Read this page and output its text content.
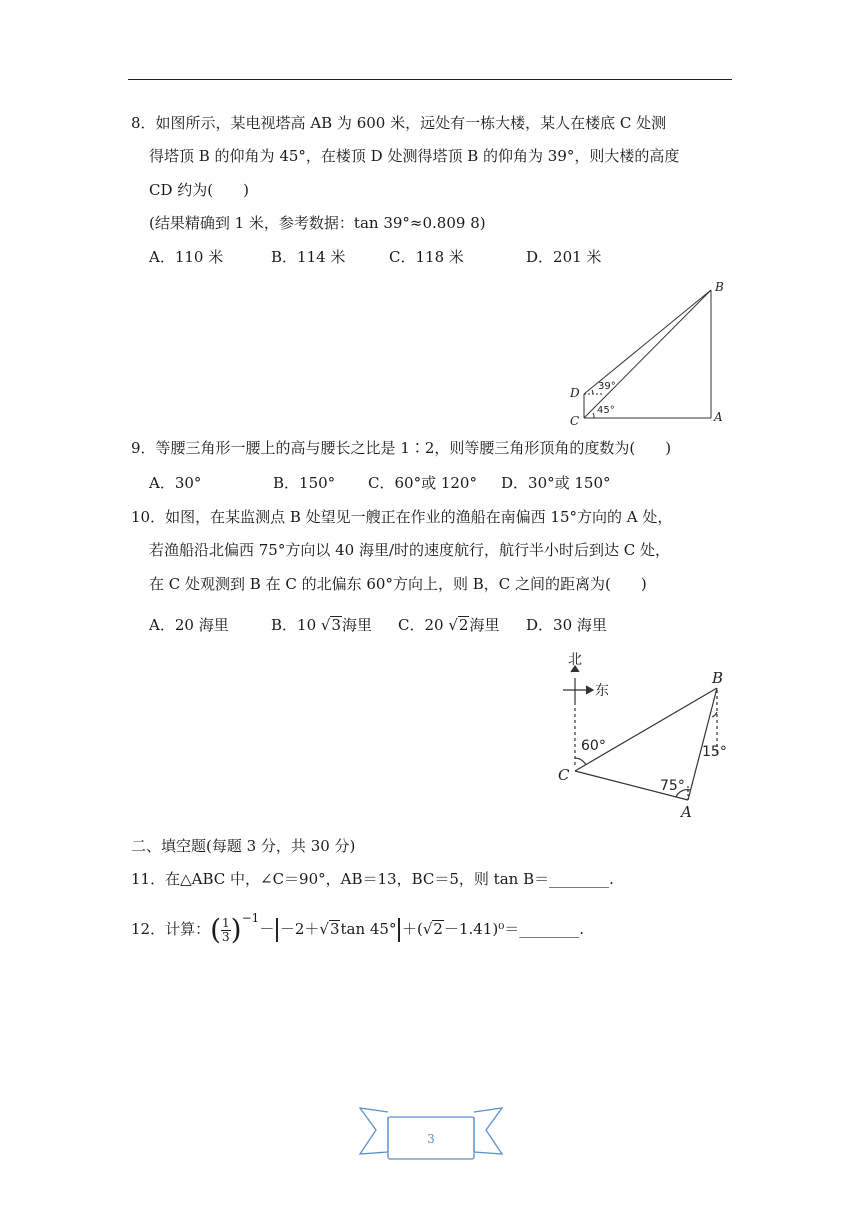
8．如图所示，某电视塔高 AB 为 600 米，远处有一栋大楼，某人在楼底 C 处测
得塔顶 B 的仰角为 45°，在楼顶 D 处测得塔顶 B 的仰角为 39°，则大楼的高度
CD 约为(　　)
(结果精确到 1 米，参考数据：tan 39°≈0.809 8)
A．110 米	B．114 米	C．118 米	D．201 米
B
D
C	A
39°
45°
9．等腰三角形一腰上的高与腰长之比是 1∶2，则等腰三角形顶角的度数为(　　)
A．30°	B．150° C．60°或 120° D．30°或 150°
10．如图，在某监测点 B 处望见一艘正在作业的渔船在南偏西 15°方向的 A 处，
若渔船沿北偏西 75°方向以 40 海里/时的速度航行，航行半小时后到达 C 处，
在 C 处观测到 B 在 C 的北偏东 60°方向上，则 B，C 之间的距离为(　　)
A．20 海里	B．10 √3海里 C．20 √2海里 D．30 海里
北
东
60°	15°
75°
B
C
A
二、填空题(每题 3 分，共 30 分)
11．在△ABC 中，∠C＝90°，AB＝13，BC＝5，则 tan B＝________.
12．计算：( $\frac{1}{3} )^{-1}- -2+√3\tan$ 45° ＋(√2－1.41)⁰＝________.
3
